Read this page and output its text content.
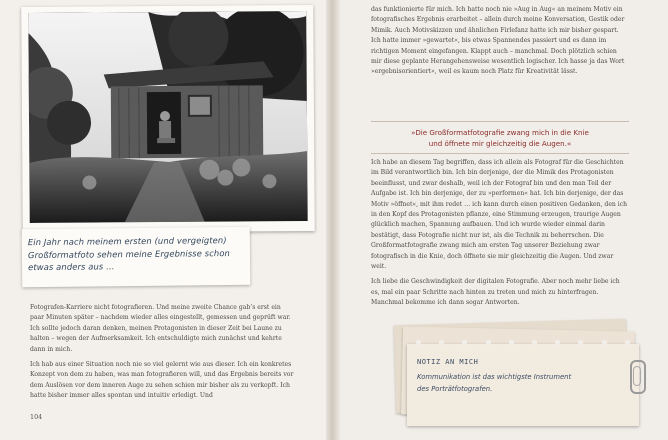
Ein Jahr nach meinem ersten (und vergeigten)
Großformatfoto sehen meine Ergebnisse schon
etwas anders aus …

Fotografen-Karriere nicht fotografieren. Und meine zweite Chance gab’s erst ein paar Minuten später – nachdem wieder alles eingestellt, gemessen und geprüft war. Ich sollte jedoch daran denken, meinen Protagonisten in dieser Zeit bei Laune zu halten – wegen der Aufmerksamkeit. Ich entschuldigte mich zunächst und kehrte dann in mich.

Ich hab aus einer Situation noch nie so viel gelernt wie aus dieser. Ich ein konkretes Konzept von dem zu haben, was man fotografieren will, und das Ergebnis bereits vor dem Auslösen vor dem inneren Auge zu sehen schien mir bisher als zu verkopft. Ich hatte bisher immer alles spontan und intuitiv erledigt. Und

104

das funktionierte für mich. Ich hatte noch nie »Aug in Aug« an meinem Motiv ein fotografisches Ergebnis erarbeitet – allein durch meine Konversation, Gestik oder Mimik. Auch Motivskizzen und ähnlichen Firlefanz hatte ich mir bisher gespart. Ich hatte immer »gewartet«, bis etwas Spannendes passiert und es dann im richtigen Moment eingefangen. Klappt auch – manchmal. Doch plötzlich schien mir diese geplante Herangehensweise wesentlich logischer. Ich hasse ja das Wort »ergebnisorientiert«, weil es kaum noch Platz für Kreativität lässt.

»Die Großformatfotografie zwang mich in die Knie
und öffnete mir gleichzeitig die Augen.«

Ich habe an diesem Tag begriffen, dass ich allein als Fotograf für die Geschichten im Bild verantwortlich bin. Ich bin derjenige, der die Mimik des Protagonisten beeinflusst, und zwar deshalb, weil ich der Fotograf bin und den man Teil der Aufgabe ist. Ich bin derjenige, der zu »performen« hat. Ich bin derjenige, der das Motiv »öffnet«, mit ihm redet … ich kann durch einen positiven Gedanken, den ich in den Kopf des Protagonisten pflanze, eine Stimmung erzeugen, traurige Augen glücklich machen, Spannung aufbauen. Und ich wurde wieder einmal darin bestätigt, dass Fotografie nicht nur ist, als die Technik zu beherrschen. Die Großformatfotografie zwang mich am ersten Tag unserer Beziehung zwar fotografisch in die Knie, doch öffnete sie mir gleichzeitig die Augen. Und zwar weit.

Ich liebe die Geschwindigkeit der digitalen Fotografie. Aber noch mehr liebe ich es, mal ein paar Schritte nach hinten zu treten und mich zu hinterfragen. Manchmal bekomme ich dann sogar Antworten.

NOTIZ AN MICH
Kommunikation ist das wichtigste Instrument
des Porträtfotografen.
